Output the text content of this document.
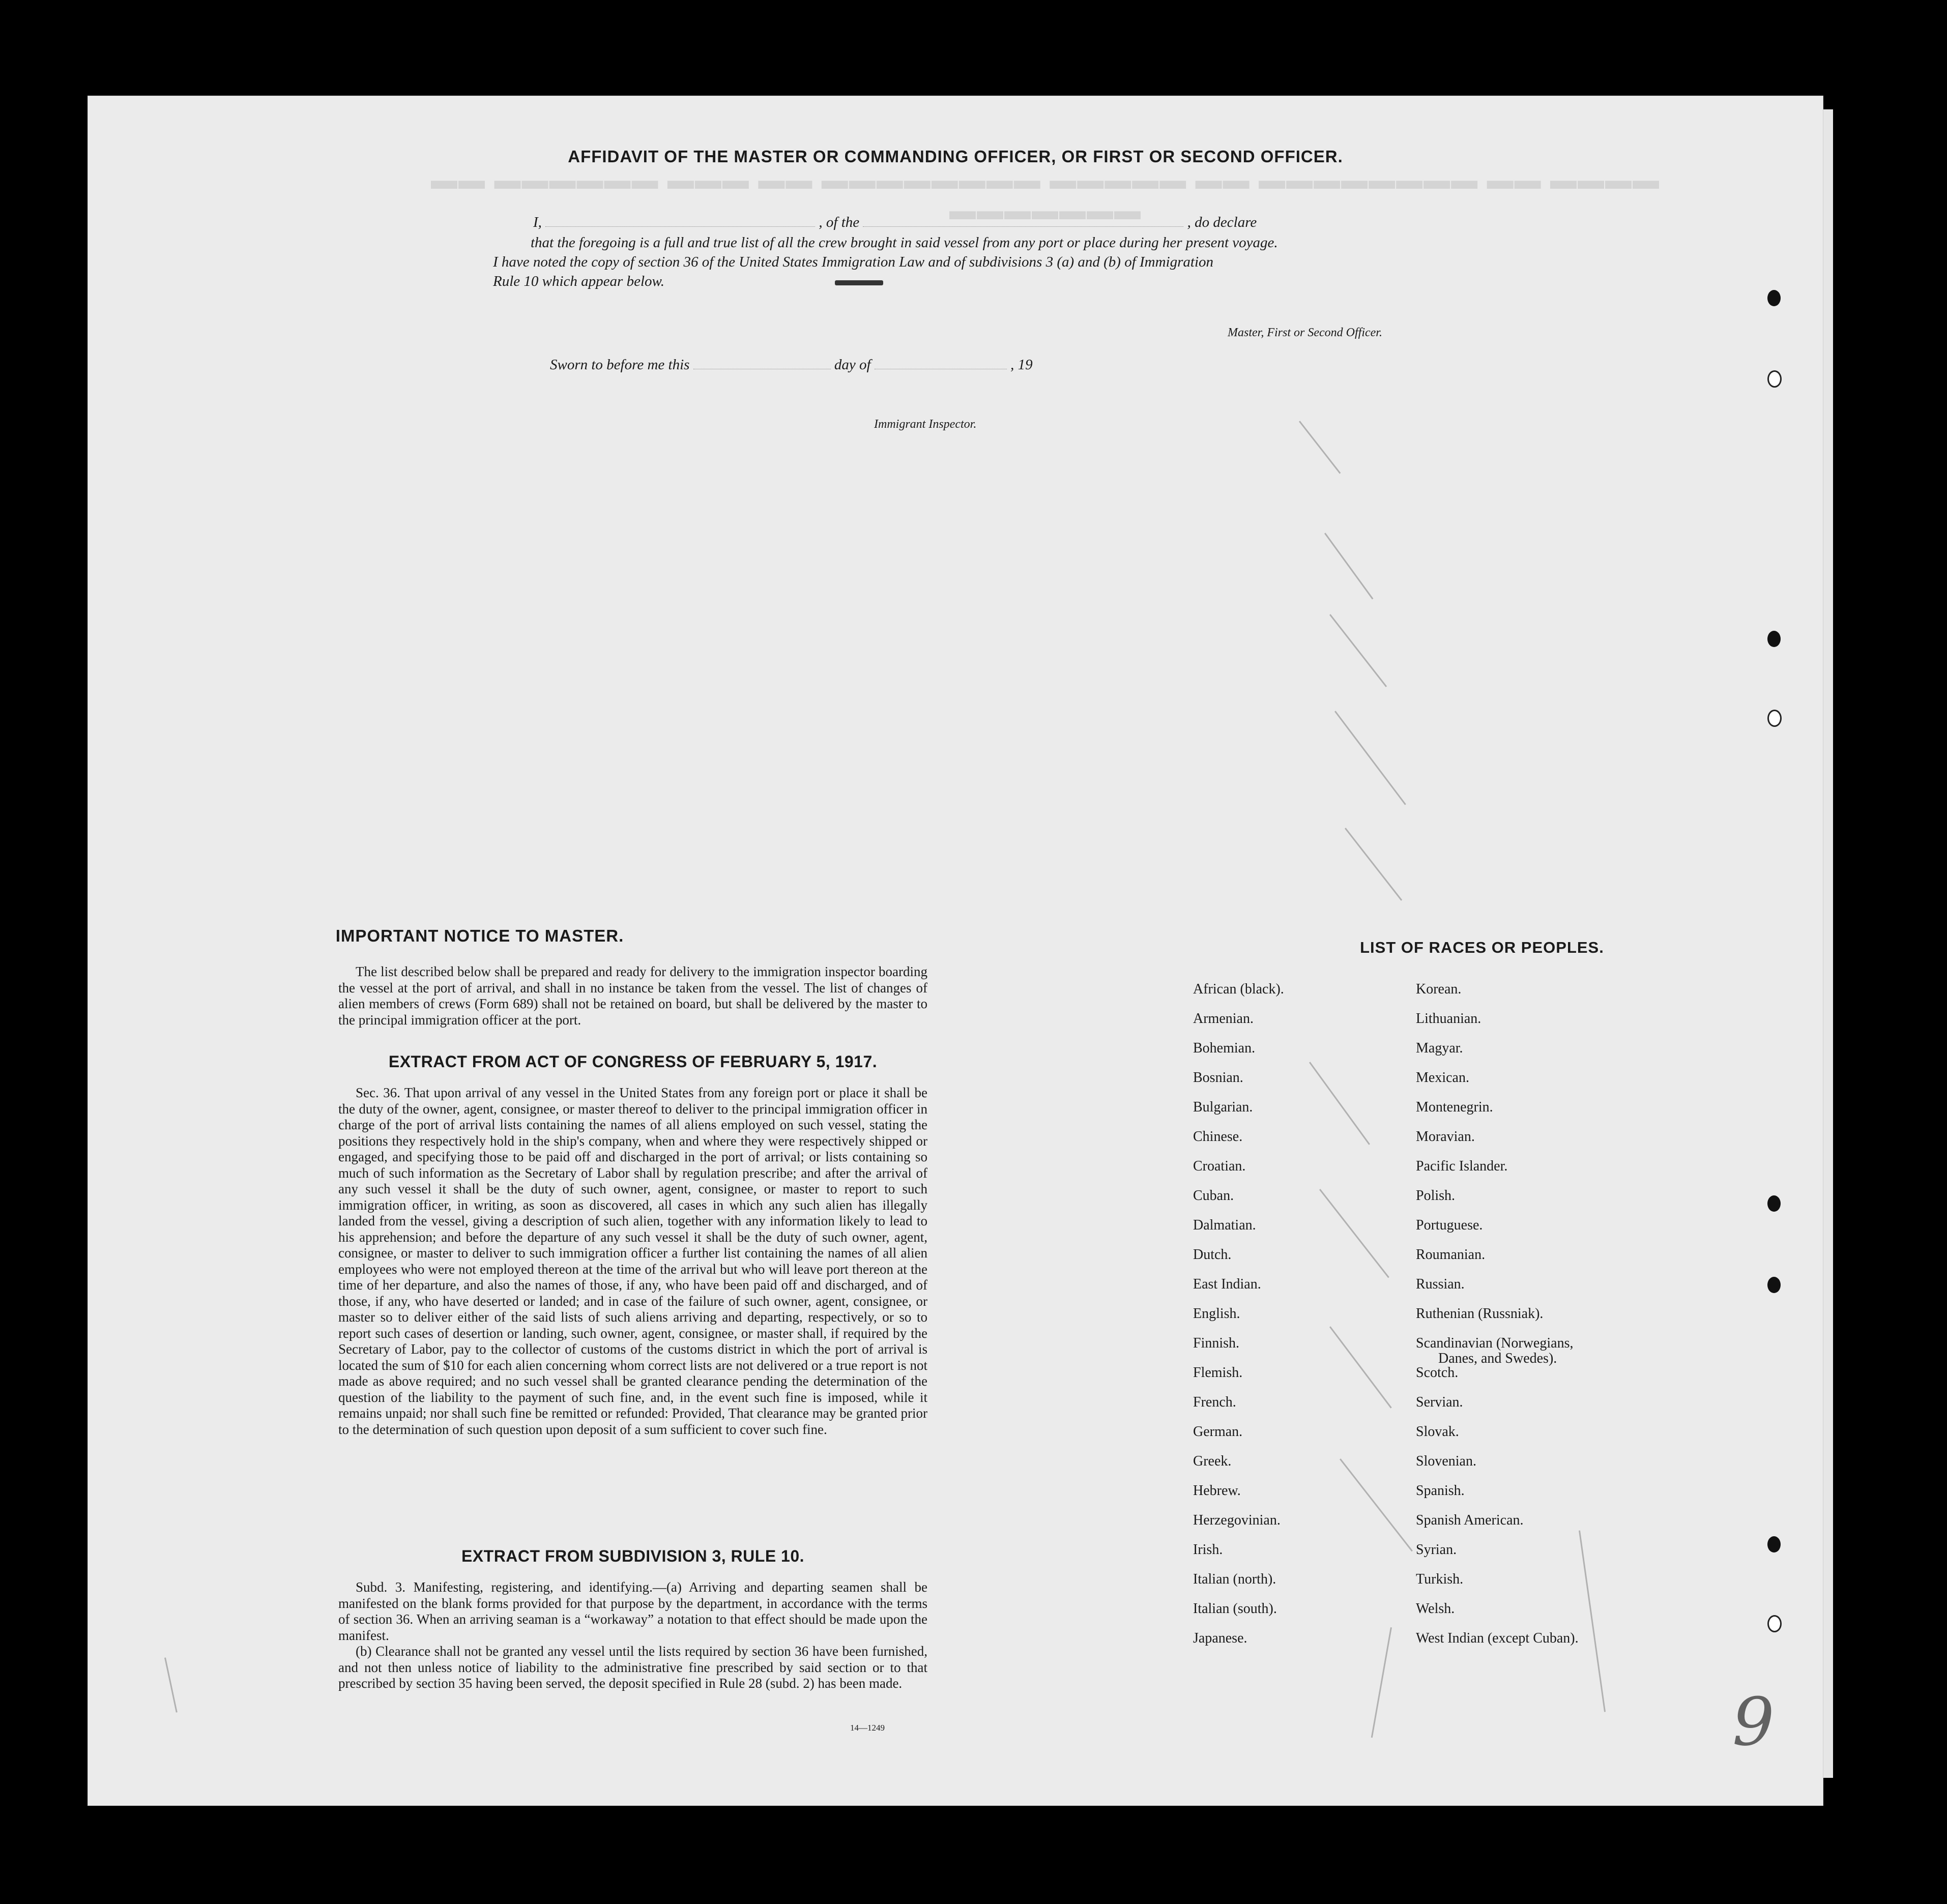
▬▬▬▬ ▬▬ ▬▬▬▬▬▬▬▬ ▬▬ ▬▬▬▬▬ ▬▬▬▬▬▬▬▬ ▬▬ ▬▬▬ ▬▬▬▬▬▬ ▬▬ ▬▬▬▬▬▬▬
AFFIDAVIT OF THE MASTER OR COMMANDING OFFICER, OR FIRST OR SECOND OFFICER.
I,	, of the	, do declare
that the foregoing is a full and true list of all the crew brought in said vessel from any port or place during her present voyage.
I have noted the copy of section 36 of the United States Immigration Law and of subdivisions 3 (a) and (b) of Immigration
Rule 10 which appear below.
Master, First or Second Officer.
Sworn to before me this	day of	, 19
Immigrant Inspector.
IMPORTANT NOTICE TO MASTER.

The list described below shall be prepared and ready for delivery to the immigration inspector boarding the vessel at the port of arrival, and shall in no instance be taken from the vessel. The list of changes of alien members of crews (Form 689) shall not be retained on board, but shall be delivered by the master to the principal immigration officer at the port.

EXTRACT FROM ACT OF CONGRESS OF FEBRUARY 5, 1917.

Sec. 36. That upon arrival of any vessel in the United States from any foreign port or place it shall be the duty of the owner, agent, consignee, or master thereof to deliver to the principal immigration officer in charge of the port of arrival lists containing the names of all aliens employed on such vessel, stating the positions they respectively hold in the ship's company, when and where they were respectively shipped or engaged, and specifying those to be paid off and discharged in the port of arrival; or lists containing so much of such information as the Secretary of Labor shall by regulation prescribe; and after the arrival of any such vessel it shall be the duty of such owner, agent, consignee, or master to report to such immigration officer, in writing, as soon as discovered, all cases in which any such alien has illegally landed from the vessel, giving a description of such alien, together with any information likely to lead to his apprehension; and before the departure of any such vessel it shall be the duty of such owner, agent, consignee, or master to deliver to such immigration officer a further list containing the names of all alien employees who were not employed thereon at the time of the arrival but who will leave port thereon at the time of her departure, and also the names of those, if any, who have been paid off and discharged, and of those, if any, who have deserted or landed; and in case of the failure of such owner, agent, consignee, or master so to deliver either of the said lists of such aliens arriving and departing, respectively, or so to report such cases of desertion or landing, such owner, agent, consignee, or master shall, if required by the Secretary of Labor, pay to the collector of customs of the customs district in which the port of arrival is located the sum of $10 for each alien concerning whom correct lists are not delivered or a true report is not made as above required; and no such vessel shall be granted clearance pending the determination of the question of the liability to the payment of such fine, and, in the event such fine is imposed, while it remains unpaid; nor shall such fine be remitted or refunded: Provided, That clearance may be granted prior to the determination of such question upon deposit of a sum sufficient to cover such fine.

EXTRACT FROM SUBDIVISION 3, RULE 10.

Subd. 3. Manifesting, registering, and identifying.—(a) Arriving and departing seamen shall be manifested on the blank forms provided for that purpose by the department, in accordance with the terms of section 36. When an arriving seaman is a “workaway” a notation to that effect should be made upon the manifest.

(b) Clearance shall not be granted any vessel until the lists required by section 36 have been furnished, and not then unless notice of liability to the administrative fine prescribed by said section or to that prescribed by section 35 having been served, the deposit specified in Rule 28 (subd. 2) has been made.

14—1249
LIST OF RACES OR PEOPLES.
African (black).
Armenian.
Bohemian.
Bosnian.
Bulgarian.
Chinese.
Croatian.
Cuban.
Dalmatian.
Dutch.
East Indian.
English.
Finnish.
Flemish.
French.
German.
Greek.
Hebrew.
Herzegovinian.
Irish.
Italian (north).
Italian (south).
Japanese.
Korean.
Lithuanian.
Magyar.
Mexican.
Montenegrin.
Moravian.
Pacific Islander.
Polish.
Portuguese.
Roumanian.
Russian.
Ruthenian (Russniak).
Scandinavian (Norwegians,
Danes, and Swedes).
Scotch.
Servian.
Slovak.
Slovenian.
Spanish.
Spanish American.
Syrian.
Turkish.
Welsh.
West Indian (except Cuban).
9
